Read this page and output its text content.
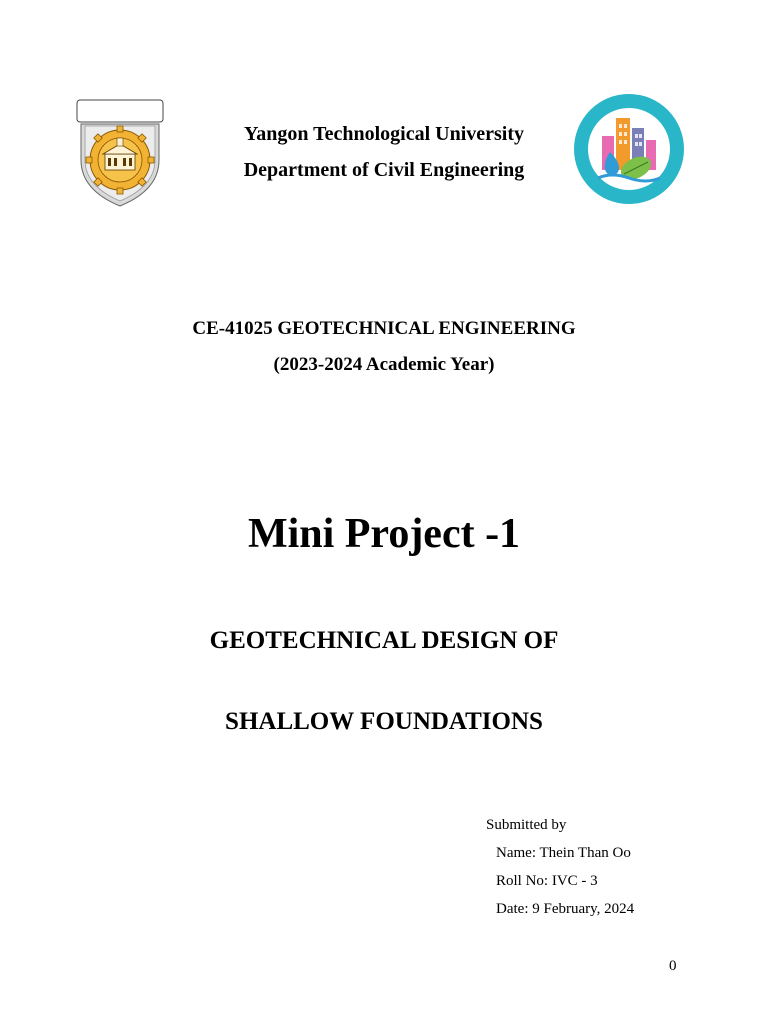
Yangon Technological University
Department of Civil Engineering
CE-41025 GEOTECHNICAL ENGINEERING
(2023-2024 Academic Year)
Mini Project -1
GEOTECHNICAL DESIGN OF
SHALLOW FOUNDATIONS
Submitted by
Name: Thein Than Oo
Roll No: IVC - 3
Date: 9 February, 2024
0
